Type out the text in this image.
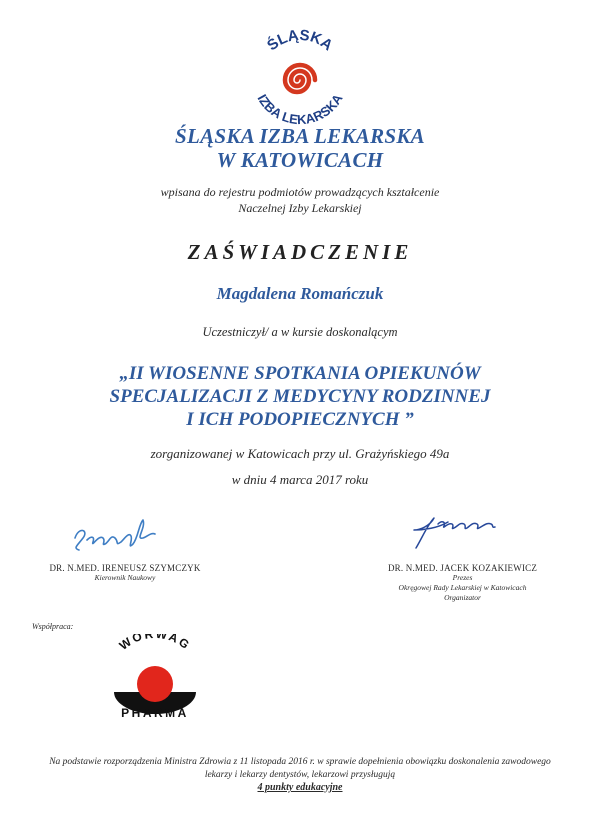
ŚLĄSKA
IZBA LEKARSKA
ŚLĄSKA IZBA LEKARSKA
W KATOWICACH
wpisana do rejestru podmiotów prowadzących kształcenie
Naczelnej Izby Lekarskiej
ZAŚWIADCZENIE
Magdalena Romańczuk
Uczestniczył/ a w kursie doskonalącym
„II WIOSENNE SPOTKANIA OPIEKUNÓW
SPECJALIZACJI Z MEDYCYNY RODZINNEJ
I ICH PODOPIECZNYCH ”
zorganizowanej w Katowicach przy ul. Grażyńskiego 49a
w dniu 4 marca 2017 roku
DR. N.MED. IRENEUSZ SZYMCZYK
Kierownik Naukowy
DR. N.MED. JACEK KOZAKIEWICZ
Prezes
Okręgowej Rady Lekarskiej w Katowicach
Organizator
Współpraca:
WÖRWAG
PHARMA
Na podstawie rozporządzenia Ministra Zdrowia z 11 listopada 2016 r. w sprawie dopełnienia obowiązku doskonalenia zawodowego
lekarzy i lekarzy dentystów, lekarzowi przysługują
4 punkty edukacyjne
